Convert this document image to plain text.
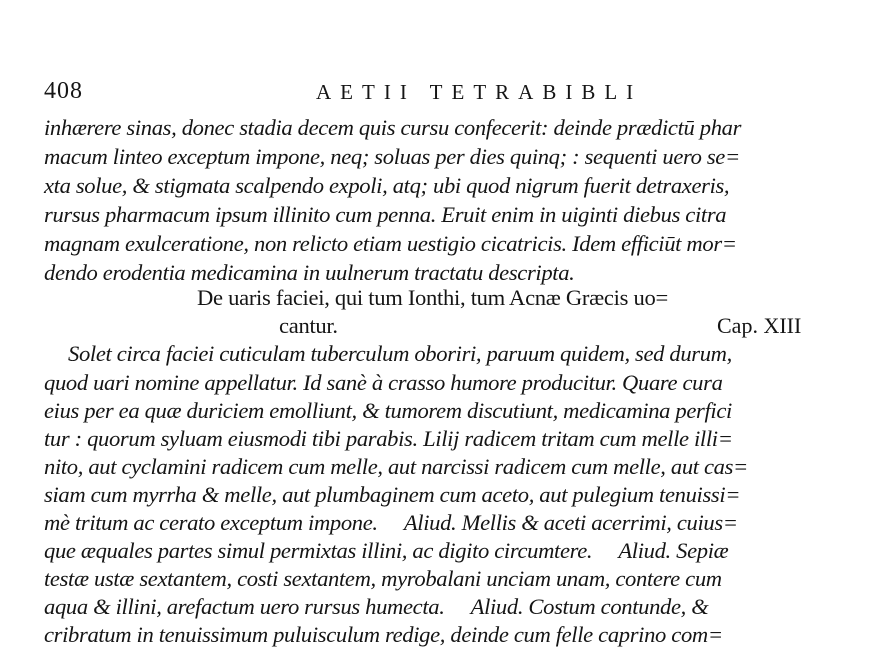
408	AETII TETRABIBLI
inhærere sinas, donec stadia decem quis cursu confecerit: deinde prædictū phar
macum linteo exceptum impone, neq; soluas per dies quinq; : sequenti uero se=
xta solue, & stigmata scalpendo expoli, atq; ubi quod nigrum fuerit detraxeris,
rursus pharmacum ipsum illinito cum penna. Eruit enim in uiginti diebus citra
magnam exulceratione, non relicto etiam uestigio cicatricis. Idem efficiūt mor=
dendo erodentia medicamina in uulnerum tractatu descripta.
De uaris faciei, qui tum Ionthi, tum Acnæ Græcis uo=
cantur.	Cap. XIII
Solet circa faciei cuticulam tuberculum oboriri, paruum quidem, sed durum,
quod uari nomine appellatur. Id sanè à crasso humore producitur. Quare cura
eius per ea quæ duriciem emolliunt, & tumorem discutiunt, medicamina perfici
tur : quorum syluam eiusmodi tibi parabis. Lilij radicem tritam cum melle illi=
nito, aut cyclamini radicem cum melle, aut narcissi radicem cum melle, aut cas=
siam cum myrrha & melle, aut plumbaginem cum aceto, aut pulegium tenuissi=
mè tritum ac cerato exceptum impone.     Aliud. Mellis & aceti acerrimi, cuius=
que æquales partes simul permixtas illini, ac digito circumtere.     Aliud. Sepiæ
testæ ustæ sextantem, costi sextantem, myrobalani unciam unam, contere cum
aqua & illini, arefactum uero rursus humecta.     Aliud. Costum contunde, &
cribratum in tenuissimum puluisculum redige, deinde cum felle caprino com=
